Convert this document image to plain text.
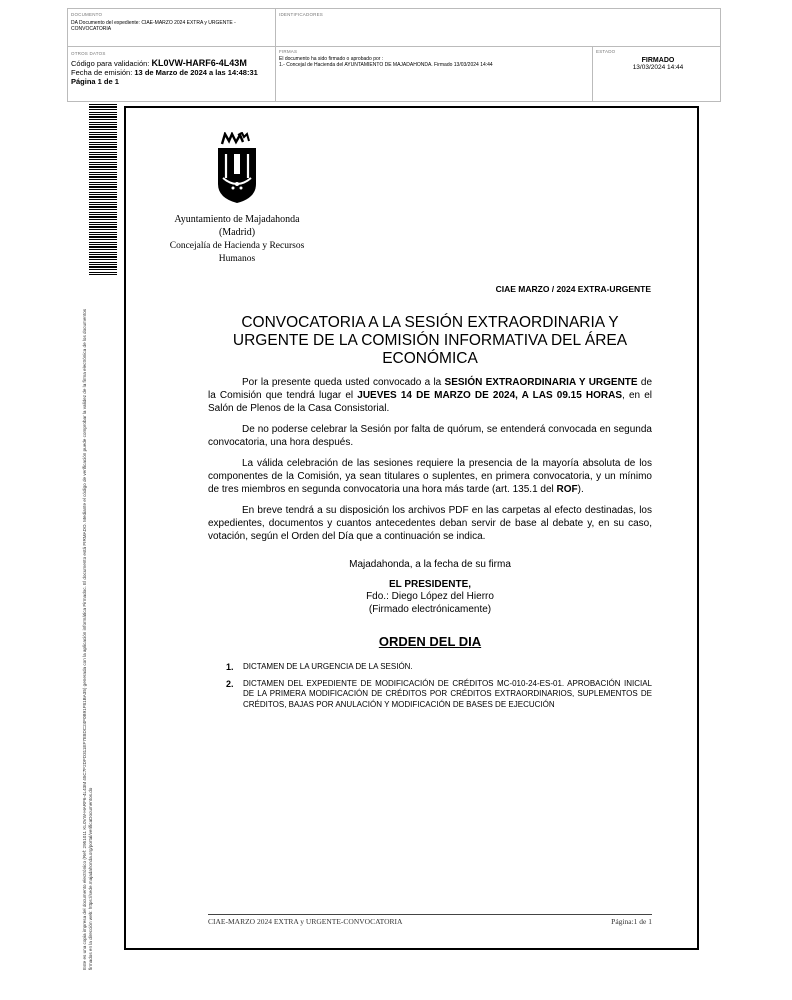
DOCUMENTO
DA Documento del expediente: CIAE-MARZO 2024 EXTRA y URGENTE -CONVOCATORIA
IDENTIFICADORES
OTROS DATOS
Código para validación: KL0VW-HARF6-4L43M
Fecha de emisión: 13 de Marzo de 2024 a las 14:48:31
Página 1 de 1
FIRMAS
El documento ha sido firmado o aprobado por :
1.- Concejal de Hacienda del AYUNTAMIENTO DE MAJADAHONDA. Firmado 13/03/2024 14:44
ESTADO
FIRMADO
13/03/2024 14:44
Este es una copia impresa del documento electrónico (Ref: 2951011 KL0VW-HARF6-4L43M 45C7F2DFD311EF7E8DC24F0B91F81BA35) generada con la aplicación informática Firmadoc. El documento está FIRMADO. Mediante el código de verificación puede comprobar la validez de la firma electrónica de los documentos firmados en la dirección web: https://sede.majadahonda.org/portal/verificaDocumentos.do
Ayuntamiento de Majadahonda
(Madrid)
Concejalía de Hacienda y Recursos Humanos
CIAE MARZO / 2024 EXTRA-URGENTE
CONVOCATORIA A LA SESIÓN EXTRAORDINARIA Y URGENTE DE LA COMISIÓN INFORMATIVA DEL ÁREA ECONÓMICA

Por la presente queda usted convocado a la SESIÓN EXTRAORDINARIA Y URGENTE de la Comisión que tendrá lugar el JUEVES 14 DE MARZO DE 2024, A LAS 09.15 HORAS, en el Salón de Plenos de la Casa Consistorial.

De no poderse celebrar la Sesión por falta de quórum, se entenderá convocada en segunda convocatoria, una hora después.

La válida celebración de las sesiones requiere la presencia de la mayoría absoluta de los componentes de la Comisión, ya sean titulares o suplentes, en primera convocatoria, y un mínimo de tres miembros en segunda convocatoria una hora más tarde (art. 135.1 del ROF).

En breve tendrá a su disposición los archivos PDF en las carpetas al efecto destinadas, los expedientes, documentos y cuantos antecedentes deban servir de base al debate y, en su caso, votación, según el Orden del Día que a continuación se indica.

Majadahonda, a la fecha de su firma
EL PRESIDENTE,
Fdo.: Diego López del Hierro
(Firmado electrónicamente)
ORDEN DEL DIA
1.	DICTAMEN DE LA URGENCIA DE LA SESIÓN.
2.	DICTAMEN DEL EXPEDIENTE DE MODIFICACIÓN DE CRÉDITOS MC-010-24-ES-01. APROBACIÓN INICIAL DE LA PRIMERA MODIFICACIÓN DE CRÉDITOS POR CRÉDITOS EXTRAORDINARIOS, SUPLEMENTOS DE CRÉDITOS, BAJAS POR ANULACIÓN Y MODIFICACIÓN DE BASES DE EJECUCIÓN
CIAE-MARZO 2024 EXTRA y URGENTE-CONVOCATORIA	Página:1 de 1
